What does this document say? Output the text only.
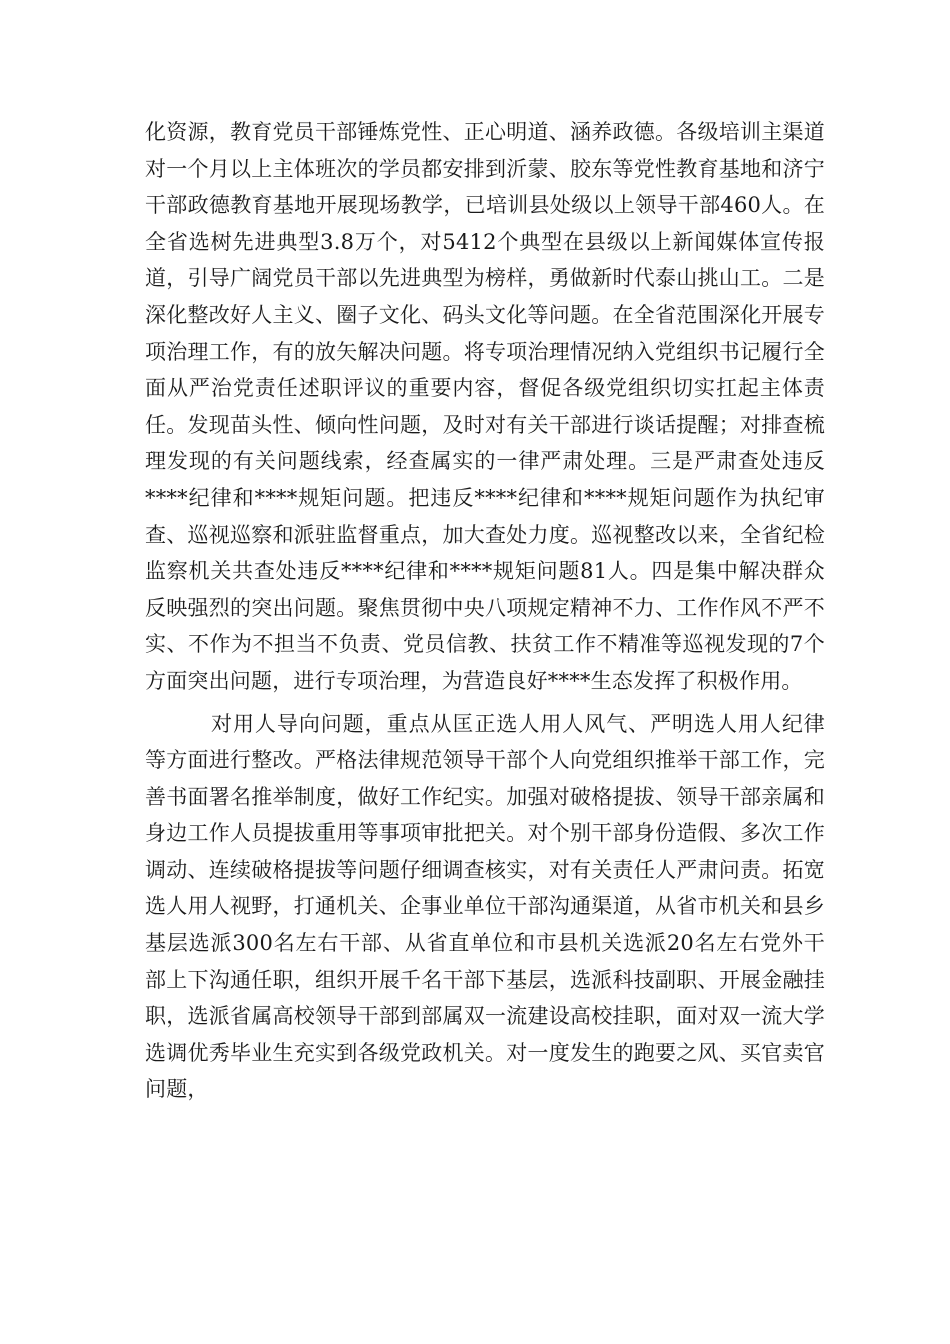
化资源，教育党员干部锤炼党性、正心明道、涵养政德。各级培训主渠道对一个月以上主体班次的学员都安排到沂蒙、胶东等党性教育基地和济宁干部政德教育基地开展现场教学，已培训县处级以上领导干部460人。在全省选树先进典型3.8万个，对5412个典型在县级以上新闻媒体宣传报道，引导广阔党员干部以先进典型为榜样，勇做新时代泰山挑山工。二是深化整改好人主义、圈子文化、码头文化等问题。在全省范围深化开展专项治理工作，有的放矢解决问题。将专项治理情况纳入党组织书记履行全面从严治党责任述职评议的重要内容，督促各级党组织切实扛起主体责任。发现苗头性、倾向性问题，及时对有关干部进行谈话提醒；对排查梳理发现的有关问题线索，经查属实的一律严肃处理。三是严肃查处违反****纪律和****规矩问题。把违反****纪律和****规矩问题作为执纪审查、巡视巡察和派驻监督重点，加大查处力度。巡视整改以来，全省纪检监察机关共查处违反****纪律和****规矩问题81人。四是集中解决群众反映强烈的突出问题。聚焦贯彻中央八项规定精神不力、工作作风不严不实、不作为不担当不负责、党员信教、扶贫工作不精准等巡视发现的7个方面突出问题，进行专项治理，为营造良好****生态发挥了积极作用。

对用人导向问题，重点从匡正选人用人风气、严明选人用人纪律等方面进行整改。严格法律规范领导干部个人向党组织推举干部工作，完善书面署名推举制度，做好工作纪实。加强对破格提拔、领导干部亲属和身边工作人员提拔重用等事项审批把关。对个别干部身份造假、多次工作调动、连续破格提拔等问题仔细调查核实，对有关责任人严肃问责。拓宽选人用人视野，打通机关、企事业单位干部沟通渠道，从省市机关和县乡基层选派300名左右干部、从省直单位和市县机关选派20名左右党外干部上下沟通任职，组织开展千名干部下基层，选派科技副职、开展金融挂职，选派省属高校领导干部到部属双一流建设高校挂职，面对双一流大学选调优秀毕业生充实到各级党政机关。对一度发生的跑要之风、买官卖官问题，
